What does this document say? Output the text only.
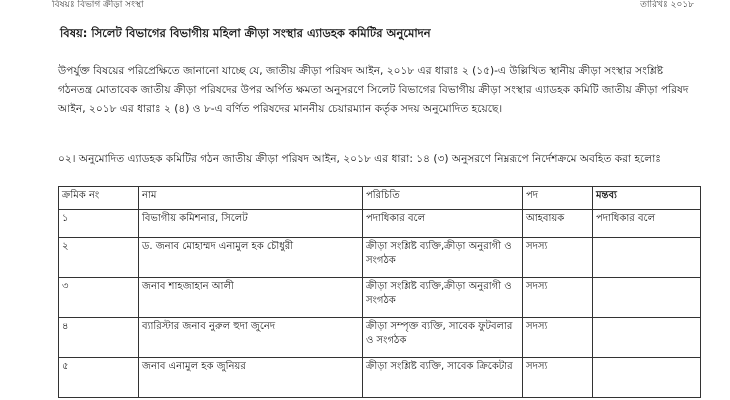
বিষয়ঃ বিভাগ ক্রীড়া সংস্থা	তারিখঃ ২০১৮
বিষয়: সিলেট বিভাগের বিভাগীয় মহিলা ক্রীড়া সংস্থার এ্যাডহক কমিটির অনুমোদন
উপর্যুক্ত বিষয়ের পরিপ্রেক্ষিতে জানানো যাচ্ছে যে, জাতীয় ক্রীড়া পরিষদ আইন, ২০১৮ এর ধারাঃ ২ (১৫)-এ উল্লিখিত স্থানীয় ক্রীড়া সংস্থার সংশ্লিষ্ট গঠনতন্ত্র মোতাবেক জাতীয় ক্রীড়া পরিষদের উপর অর্পিত ক্ষমতা অনুসরণে সিলেট বিভাগের বিভাগীয় ক্রীড়া সংস্থার এ্যাডহক কমিটি জাতীয় ক্রীড়া পরিষদ আইন, ২০১৮ এর ধারাঃ ২ (৪) ও ৮-এ বর্ণিত পরিষদের মাননীয় চেয়ারম্যান কর্তৃক সদয় অনুমোদিত হয়েছে।
০২। অনুমোদিত এ্যাডহক কমিটির গঠন জাতীয় ক্রীড়া পরিষদ আইন, ২০১৮ এর ধারা: ১৪ (৩) অনুসরণে নিম্নরূপে নির্দেশক্রমে অবহিত করা হলোঃ
ক্রমিক নং	নাম	পরিচিতি	পদ	মন্তব্য
১	বিভাগীয় কমিশনার, সিলেট	পদাধিকার বলে	আহবায়ক	পদাধিকার বলে
২	ড. জনাব মোহাম্মদ এনামুল হক চৌধুরী	ক্রীড়া সংশ্লিষ্ট ব্যক্তি,ক্রীড়া অনুরাগী ও সংগঠক	সদস্য	
৩	জনাব শাহজাহান আলী	ক্রীড়া সংশ্লিষ্ট ব্যক্তি,ক্রীড়া অনুরাগী ও সংগঠক	সদস্য	
৪	ব্যারিস্টার জনাব নুরুল হুদা জুনেদ	ক্রীড়া সম্পৃক্ত ব্যক্তি, সাবেক ফুটবলার ও সংগঠক	সদস্য	
৫	জনাব এনামুল হক জুনিয়র	ক্রীড়া সংশ্লিষ্ট ব্যক্তি, সাবেক ক্রিকেটার	সদস্য	
